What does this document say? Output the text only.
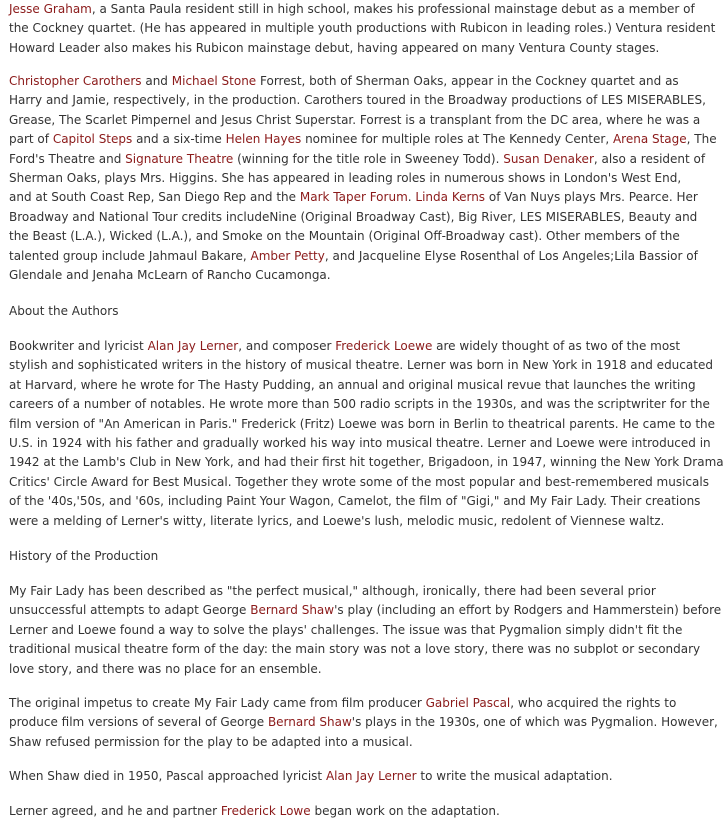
Jesse Graham, a Santa Paula resident still in high school, makes his professional mainstage debut as a member of
the Cockney quartet. (He has appeared in multiple youth productions with Rubicon in leading roles.) Ventura resident
Howard Leader also makes his Rubicon mainstage debut, having appeared on many Ventura County stages.
Christopher Carothers and Michael Stone Forrest, both of Sherman Oaks, appear in the Cockney quartet and as
Harry and Jamie, respectively, in the production. Carothers toured in the Broadway productions of LES MISERABLES,
Grease, The Scarlet Pimpernel and Jesus Christ Superstar. Forrest is a transplant from the DC area, where he was a
part of Capitol Steps and a six-time Helen Hayes nominee for multiple roles at The Kennedy Center, Arena Stage, The
Ford's Theatre and Signature Theatre (winning for the title role in Sweeney Todd). Susan Denaker, also a resident of
Sherman Oaks, plays Mrs. Higgins. She has appeared in leading roles in numerous shows in London's West End,
and at South Coast Rep, San Diego Rep and the Mark Taper Forum. Linda Kerns of Van Nuys plays Mrs. Pearce. Her
Broadway and National Tour credits includeNine (Original Broadway Cast), Big River, LES MISERABLES, Beauty and
the Beast (L.A.), Wicked (L.A.), and Smoke on the Mountain (Original Off-Broadway cast). Other members of the
talented group include Jahmaul Bakare, Amber Petty, and Jacqueline Elyse Rosenthal of Los Angeles;Lila Bassior of
Glendale and Jenaha McLearn of Rancho Cucamonga.
About the Authors
Bookwriter and lyricist Alan Jay Lerner, and composer Frederick Loewe are widely thought of as two of the most
stylish and sophisticated writers in the history of musical theatre. Lerner was born in New York in 1918 and educated
at Harvard, where he wrote for The Hasty Pudding, an annual and original musical revue that launches the writing
careers of a number of notables. He wrote more than 500 radio scripts in the 1930s, and was the scriptwriter for the
film version of "An American in Paris." Frederick (Fritz) Loewe was born in Berlin to theatrical parents. He came to the
U.S. in 1924 with his father and gradually worked his way into musical theatre. Lerner and Loewe were introduced in
1942 at the Lamb's Club in New York, and had their first hit together, Brigadoon, in 1947, winning the New York Drama
Critics' Circle Award for Best Musical. Together they wrote some of the most popular and best-remembered musicals
of the '40s,'50s, and '60s, including Paint Your Wagon, Camelot, the film of "Gigi," and My Fair Lady. Their creations
were a melding of Lerner's witty, literate lyrics, and Loewe's lush, melodic music, redolent of Viennese waltz.
History of the Production
My Fair Lady has been described as "the perfect musical," although, ironically, there had been several prior
unsuccessful attempts to adapt George Bernard Shaw's play (including an effort by Rodgers and Hammerstein) before
Lerner and Loewe found a way to solve the plays' challenges. The issue was that Pygmalion simply didn't fit the
traditional musical theatre form of the day: the main story was not a love story, there was no subplot or secondary
love story, and there was no place for an ensemble.
The original impetus to create My Fair Lady came from film producer Gabriel Pascal, who acquired the rights to
produce film versions of several of George Bernard Shaw's plays in the 1930s, one of which was Pygmalion. However,
Shaw refused permission for the play to be adapted into a musical.
When Shaw died in 1950, Pascal approached lyricist Alan Jay Lerner to write the musical adaptation.
Lerner agreed, and he and partner Frederick Lowe began work on the adaptation.
